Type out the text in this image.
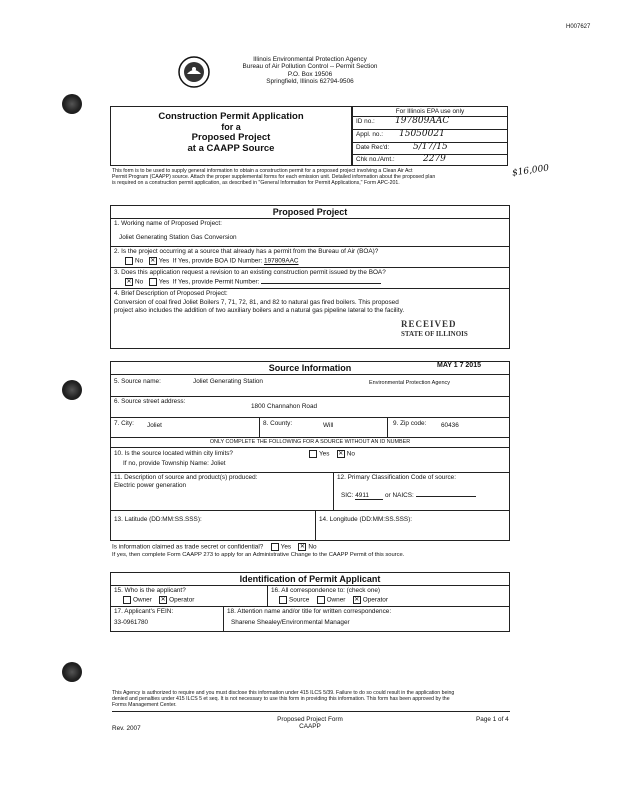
H007627
Illinois Environmental Protection Agency
Bureau of Air Pollution Control -- Permit Section
P.O. Box 19506
Springfield, Illinois 62794-9506
Construction Permit Application
for a
Proposed Project
at a CAAPP Source
For Illinois EPA use only
ID no.: 197809AAC
Appl. no.: 15050021
Date Rec'd:	5/17/15
Chk no./Amt.:	2279
$16,000
This form is to be used to supply general information to obtain a construction permit for a proposed project involving a Clean Air Act
Permit Program (CAAPP) source. Attach the proper supplemental forms for each emission unit. Detailed information about the proposed plan
is required on a construction permit application, as described in "General Information for Permit Applications," Form APC-201.
Proposed Project
1. Working name of Proposed Project:
Joliet Generating Station Gas Conversion
2. Is the project occurring at a source that already has a permit from the Bureau of Air (BOA)?
No ✕ Yes If Yes, provide BOA ID Number: 197809AAC
3. Does this application request a revision to an existing construction permit issued by the BOA?
✕ No Yes If Yes, provide Permit Number:
4. Brief Description of Proposed Project:
Conversion of coal fired Joliet Boilers 7, 71, 72, 81, and 82 to natural gas fired boilers. This proposed
project also includes the addition of two auxiliary boilers and a natural gas pipeline lateral to the facility.
RECEIVED
STATE OF ILLINOIS
Source Information	MAY 1 7 2015
5. Source name:	Joliet Generating Station	Environmental Protection Agency
6. Source street address:
1800 Channahon Road
7. City: Joliet	8. County:	Will	9. Zip code: 60436
ONLY COMPLETE THE FOLLOWING FOR A SOURCE WITHOUT AN ID NUMBER
10. Is the source located within city limits?	Yes ✕ No
If no, provide Township Name: Joliet
11. Description of source and product(s) produced:
Electric power generation
12. Primary Classification Code of source:
SIC: 4911	or NAICS:
13. Latitude (DD:MM:SS.SSS):	14. Longitude (DD:MM:SS.SSS):
Is information claimed as trade secret or confidential?	Yes ✕ No
If yes, then complete Form CAAPP 273 to apply for an Administrative Change to the CAAPP Permit of this source.
Identification of Permit Applicant
15. Who is the applicant?
Owner ✕ Operator
16. All correspondence to: (check one)
Source	Owner ✕ Operator
17. Applicant's FEIN:
33-0961780
18. Attention name and/or title for written correspondence:
Sharene Shealey/Environmental Manager
This Agency is authorized to require and you must disclose this information under 415 ILCS 5/39. Failure to do so could result in the application being
denied and penalties under 415 ILCS 5 et seq. It is not necessary to use this form in providing this information. This form has been approved by the
Forms Management Center.
Rev. 2007
Proposed Project Form
CAAPP
Page 1 of 4
